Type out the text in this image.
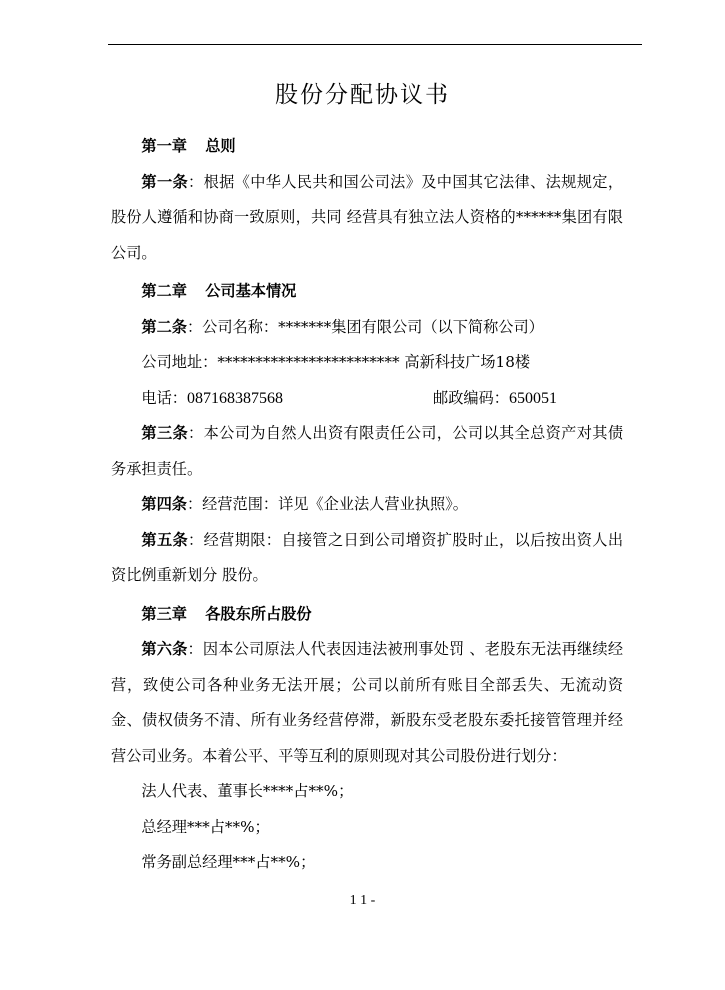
股份分配协议书

第一章 总则

第一条：根据《中华人民共和国公司法》及中国其它法律、法规规定，股份人遵循和协商一致原则，共同 经营具有独立法人资格的******集团有限公司。

第二章 公司基本情况

第二条：公司名称：*******集团有限公司（以下简称公司）

公司地址：************************ 高新科技广场18楼

电话：08716838756​8	邮政编码：650051

第三条：本公司为自然人出资有限责任公司，公司以其全总资产对其债务承担责任。

第四条：经营范围：详见《企业法人营业执照》。

第五条：经营期限：自接管之日到公司增资扩股时止，以后按出资人出资比例重新划分 股份。

第三章 各股东所占股份

第六条：因本公司原法人代表因违法被刑事处罚 、老股东无法再继续经营，致使公司各种业务无法开展；公司以前所有账目全部丢失、无流动资金、债权债务不清、所有业务经营停滞，新股东受老股东委托接管管理并经营公司业务。本着公平、平等互利的原则现对其公司股份进行划分：

法人代表、董事长****占**%；

总经理***占**%；

常务副总经理***占**%；

1 1 -
